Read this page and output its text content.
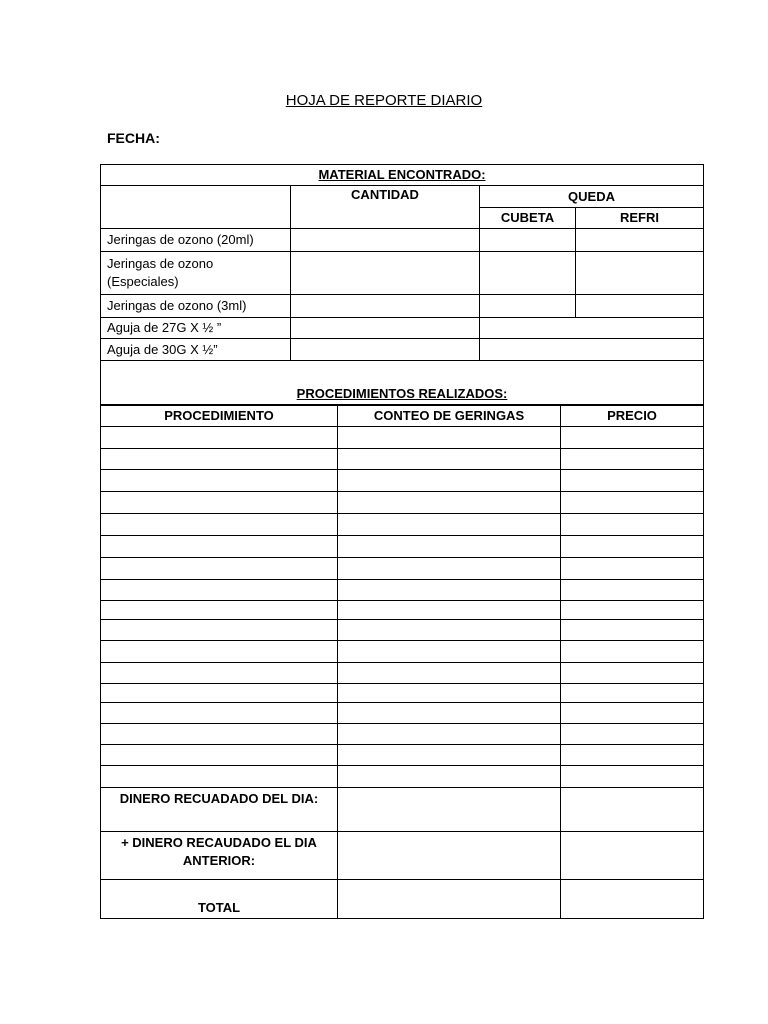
HOJA DE REPORTE DIARIO
FECHA:
MATERIAL ENCONTRADO:			
	CANTIDAD	QUEDA	
		CUBETA	REFRI
Jeringas de ozono (20ml)			
Jeringas de ozono
(Especiales)			
Jeringas de ozono (3ml)			
Aguja de 27G X ½ ”			
Aguja de 30G X ½”			
PROCEDIMIENTOS REALIZADOS:			
PROCEDIMIENTO	CONTEO DE GERINGAS	PRECIO

DINERO RECUADADO DEL DIA:		
+ DINERO RECAUDADO EL DIA ANTERIOR:		
TOTAL		
